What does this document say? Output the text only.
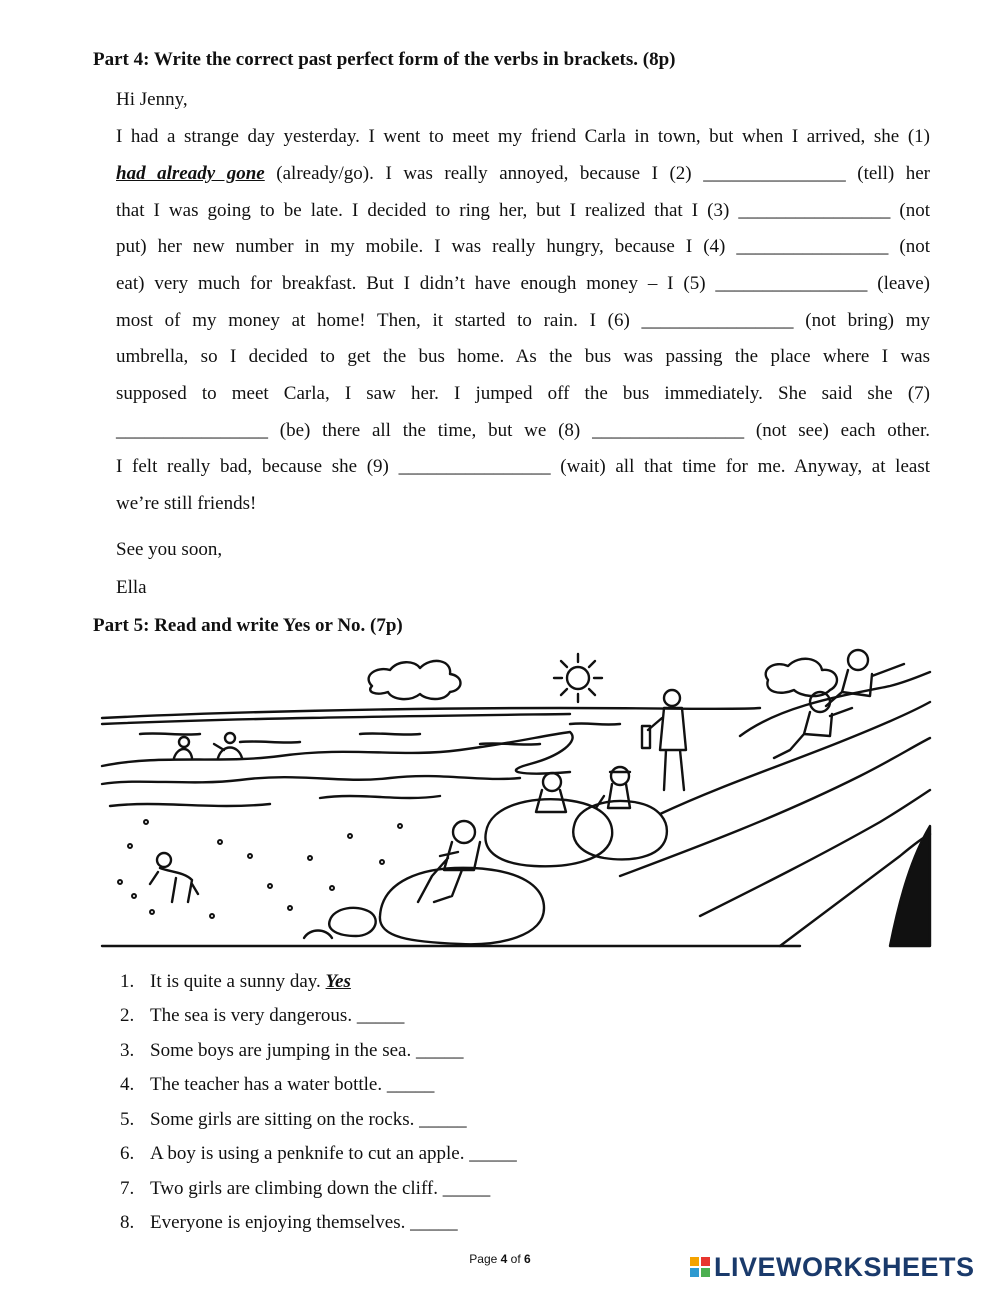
Part 4: Write the correct past perfect form of the verbs in brackets. (8p)
Hi Jenny,
I had a strange day yesterday. I went to meet my friend Carla in town, but when I arrived, she (1)
had already gone (already/go). I was really annoyed, because I (2) _______________ (tell) her
that I was going to be late. I decided to ring her, but I realized that I (3) ________________ (not
put) her new number in my mobile. I was really hungry, because I (4) ________________ (not
eat) very much for breakfast. But I didn’t have enough money – I (5) ________________ (leave)
most of my money at home! Then, it started to rain. I (6) ________________ (not bring) my
umbrella, so I decided to get the bus home. As the bus was passing the place where I was
supposed to meet Carla, I saw her. I jumped off the bus immediately. She said she (7)
________________ (be) there all the time, but we (8) ________________ (not see) each other.
I felt really bad, because she (9) ________________ (wait) all that time for me. Anyway, at least
we’re still friends!
See you soon,
Ella
Part 5: Read and write Yes or No. (7p)
1. It is quite a sunny day. Yes
2. The sea is very dangerous. _____
3. Some boys are jumping in the sea. _____
4. The teacher has a water bottle. _____
5. Some girls are sitting on the rocks. _____
6. A boy is using a penknife to cut an apple. _____
7. Two girls are climbing down the cliff. _____
8. Everyone is enjoying themselves. _____
Page 4 of 6	LIVEWORKSHEETS
